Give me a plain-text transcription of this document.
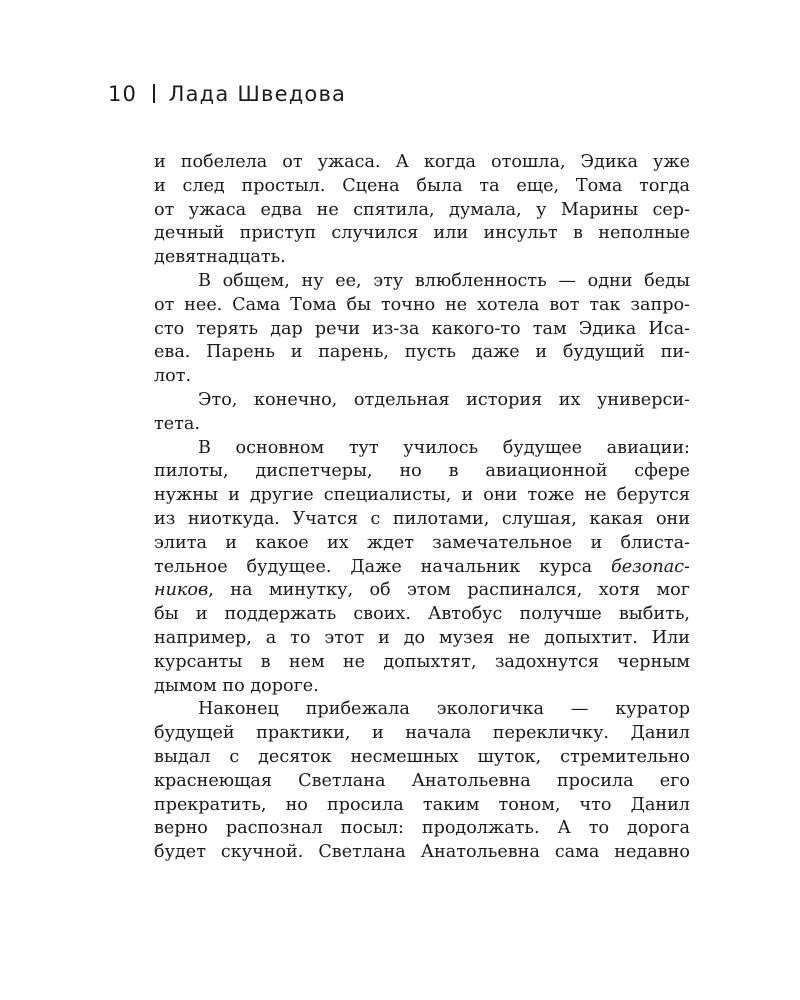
10 Лада Шведова
и побелела от ужаса. А когда отошла, Эдика уже
и след простыл. Сцена была та еще, Тома тогда
от ужаса едва не спятила, думала, у Марины сер-
дечный приступ случился или инсульт в неполные
девятнадцать.
В общем, ну ее, эту влюбленность — одни беды
от нее. Сама Тома бы точно не хотела вот так запро-
сто терять дар речи из-за какого-то там Эдика Иса-
ева. Парень и парень, пусть даже и будущий пи-
лот.
Это, конечно, отдельная история их универси-
тета.
В основном тут училось будущее авиации:
пилоты, диспетчеры, но в авиационной сфере
нужны и другие специалисты, и они тоже не берутся
из ниоткуда. Учатся с пилотами, слушая, какая они
элита и какое их ждет замечательное и блиста-
тельное будущее. Даже начальник курса безопас-
ников, на минутку, об этом распинался, хотя мог
бы и поддержать своих. Автобус получше выбить,
например, а то этот и до музея не допыхтит. Или
курсанты в нем не допыхтят, задохнутся черным
дымом по дороге.
Наконец прибежала экологичка — куратор
будущей практики, и начала перекличку. Данил
выдал с десяток несмешных шуток, стремительно
краснеющая Светлана Анатольевна просила его
прекратить, но просила таким тоном, что Данил
верно распознал посыл: продолжать. А то дорога
будет скучной. Светлана Анатольевна сама недавно
